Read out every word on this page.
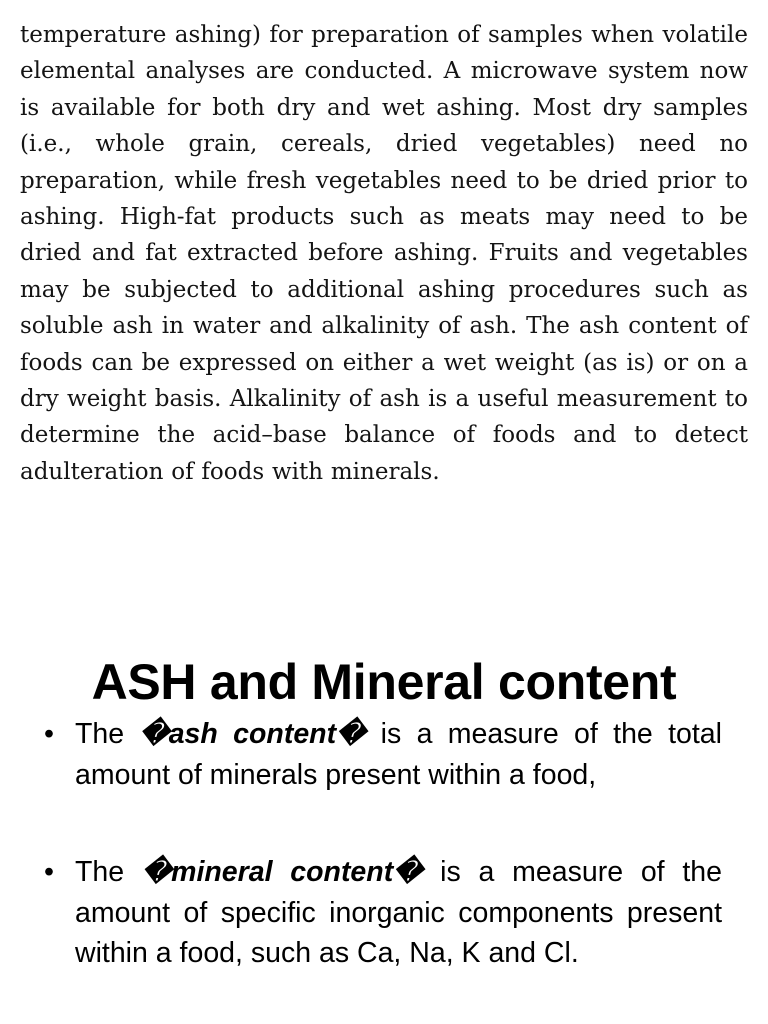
temperature ashing) for preparation of samples when volatile elemental analyses are conducted. A microwave system now is available for both dry and wet ashing. Most dry samples (i.e., whole grain, cereals, dried vegetables) need no preparation, while fresh vegetables need to be dried prior to ashing. High-fat products such as meats may need to be dried and fat extracted before ashing. Fruits and vegetables may be subjected to additional ashing procedures such as soluble ash in water and alkalinity of ash. The ash content of foods can be expressed on either a wet weight (as is) or on a dry weight basis. Alkalinity of ash is a useful measurement to determine the acid–base balance of foods and to detect adulteration of foods with minerals.

ASH and Mineral content
• The �ash content� is a measure of the total amount of minerals present within a food,
• The �mineral content� is a measure of the amount of specific inorganic components present within a food, such as Ca, Na, K and Cl.
